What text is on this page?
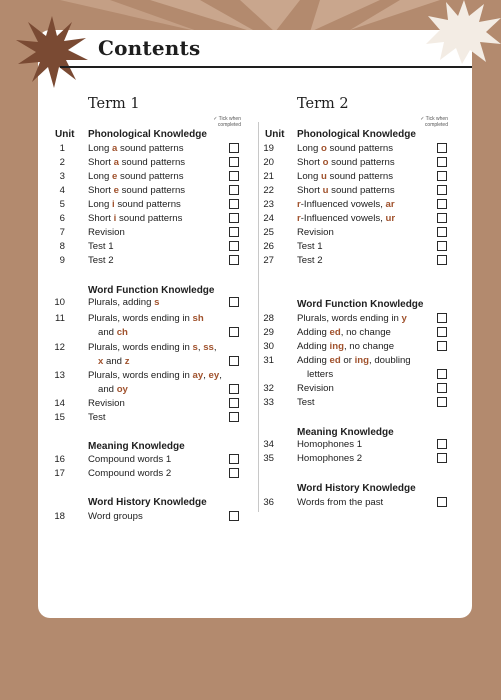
Contents
Term 1	Term 2
✓ Tick when
completed
✓ Tick when
completed
Unit Phonological Knowledge	Unit Phonological Knowledge
Word Function Knowledge
Meaning Knowledge
Word History Knowledge
Word Function Knowledge
Meaning Knowledge
Word History Knowledge
1 Long a sound patterns
2 Short a sound patterns
3 Long e sound patterns
4 Short e sound patterns
5 Long i sound patterns
6 Short i sound patterns
7 Revision
8 Test 1
9 Test 2
10 Plurals, adding s
11 Plurals, words ending in sh
and ch
12 Plurals, words ending in s, ss,
x and z
13 Plurals, words ending in ay, ey,
and oy
14 Revision
15 Test
16 Compound words 1
17 Compound words 2
18 Word groups
19 Long o sound patterns
20 Short o sound patterns
21 Long u sound patterns
22 Short u sound patterns
23 r-Influenced vowels, ar
24 r-Influenced vowels, ur
25 Revision
26 Test 1
27 Test 2
28 Plurals, words ending in y
29 Adding ed, no change
30 Adding ing, no change
31 Adding ed or ing, doubling
letters
32 Revision
33 Test
34 Homophones 1
35 Homophones 2
36 Words from the past
